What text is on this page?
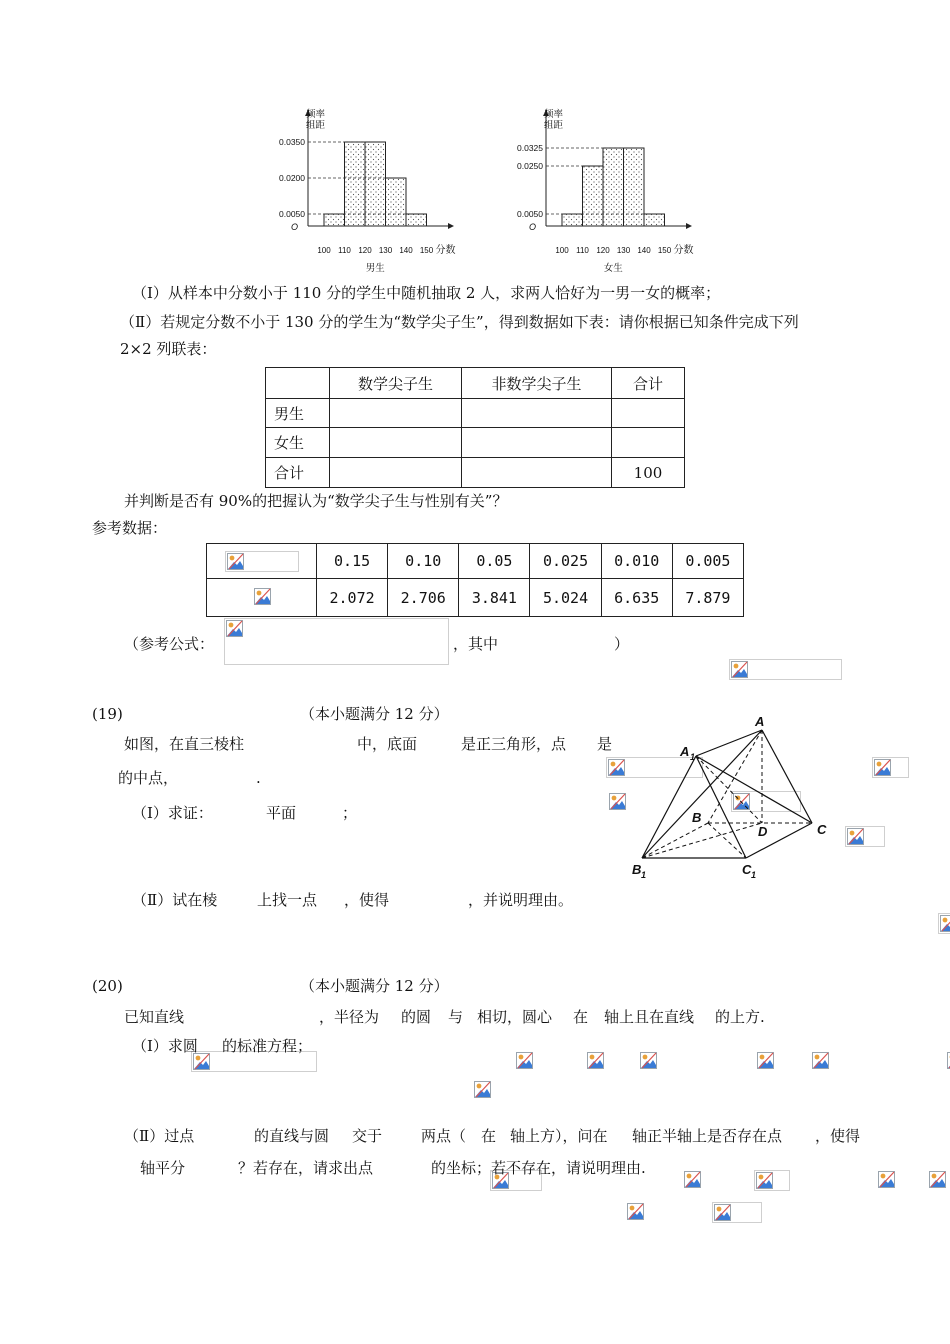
0.0350
0.0200
0.0050
频率
组距
O
100 110 120 130 140 150 分数
男生
0.0325
0.0250
0.0050
频率
组距
O
100 110 120 130 140 150 分数
女生
（Ⅰ）从样本中分数小于 110 分的学生中随机抽取 2 人，求两人恰好为一男一女的概率；
（Ⅱ）若规定分数不小于 130 分的学生为“数学尖子生”，得到数据如下表：请你根据已知条件完成下列
2×2 列联表：
	数学尖子生	非数学尖子生	合计
男生			
女生			
合计			100
并判断是否有 90%的把握认为“数学尖子生与性别有关”？
参考数据：
	0.15	0.10	0.05	0.025	0.010	0.005

	2.072	2.706	3.841	5.024	6.635	7.879
（参考公式：
	，其中
	）
(19)	（本小题满分 12 分）
如图，在直三棱柱
	中，底面
	是正三角形，点
是

的中点，
	.
（Ⅰ）求证：
	平面
	；
（Ⅱ）试在棱
	上找一点
，使得
	，并说明理由。
A
A 1
B
D	C
B 1	C 1
(20)	（本小题满分 12 分）
已知直线
	，半径为
的圆
与
相切，圆心
在
轴上且在直线
的上方.
（Ⅰ）求圆
的标准方程；
（Ⅱ）过点
	的直线与圆
交于
	两点（
在
轴上方），问在
轴正半轴上是否存在点
，使得

轴平分
	？若存在，请求出点	的坐标；若不存在，请说明理由.
